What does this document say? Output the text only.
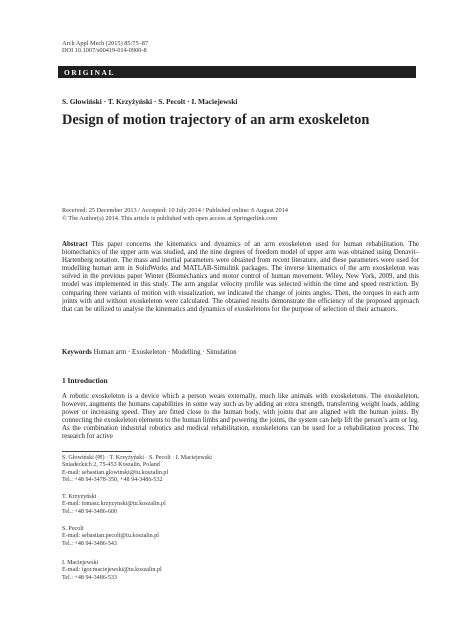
Arch Appl Mech (2015) 85:75–87
DOI 10.1007/s00419-014-0900-8
ORIGINAL
S. Głowiński · T. Krzyżyński · S. Pecolt · I. Maciejewski
Design of motion trajectory of an arm exoskeleton
Received: 25 December 2013 / Accepted: 10 July 2014 / Published online: 6 August 2014
© The Author(s) 2014. This article is published with open access at Springerlink.com
Abstract This paper concerns the kinematics and dynamics of an arm exoskeleton used for human rehabilitation. The biomechanics of the upper arm was studied, and the nine degrees of freedom model of upper arm was obtained using Denavit–Hartenberg notation. The mass and inertial parameters were obtained from recent literature, and these parameters were used for modelling human arm in SolidWorks and MATLAB-Simulink packages. The inverse kinematics of the arm exoskeleton was solved in the previous paper Winter (Biomechanics and motor control of human movement. Wiley, New York, 2009, and this model was implemented in this study. The arm angular velocity profile was selected within the time and speed restriction. By comparing three variants of motion with visualization, we indicated the change of joints angles. Then, the torques in each arm joints with and without exoskeleton were calculated. The obtained results demonstrate the efficiency of the proposed approach that can be utilized to analyse the kinematics and dynamics of exoskeletons for the purpose of selection of their actuators.
Keywords Human arm · Exoskeleton · Modelling · Simulation
1 Introduction
A robotic exoskeleton is a device which a person wears externally, much like animals with exoskeletons. The exoskeleton, however, augments the humans capabilities in some way such as by adding an extra strength, transferring weight loads, adding power or increasing speed. They are fitted close to the human body, with joints that are aligned with the human joints. By connecting the exoskeleton elements to the human limbs and powering the joints, the system can help lift the person’s arm or leg. As the combination industrial robotics and medical rehabilitation, exoskeletons can be used for a rehabilitation process. The research for active
S. Głowiński (✉) · T. Krzyżyński · S. Pecolt · I. Maciejewski
Śniadeckich 2, 75-453 Koszalin, Poland
E-mail: sebastian.glowinski@tu.koszalin.pl
Tel.: +48 94-3478-350, +48 94-3486-532
T. Krzyżyński
E-mail: tomasz.krzyzynski@tu.koszalin.pl
Tel.: +48 94-3486-600
S. Pecolt
E-mail: sebastian.pecolt@tu.koszalin.pl
Tel.: +48 94-3486-543
I. Maciejewski
E-mail: igor.maciejewski@tu.koszalin.pl
Tel.: +48 94-3486-533
